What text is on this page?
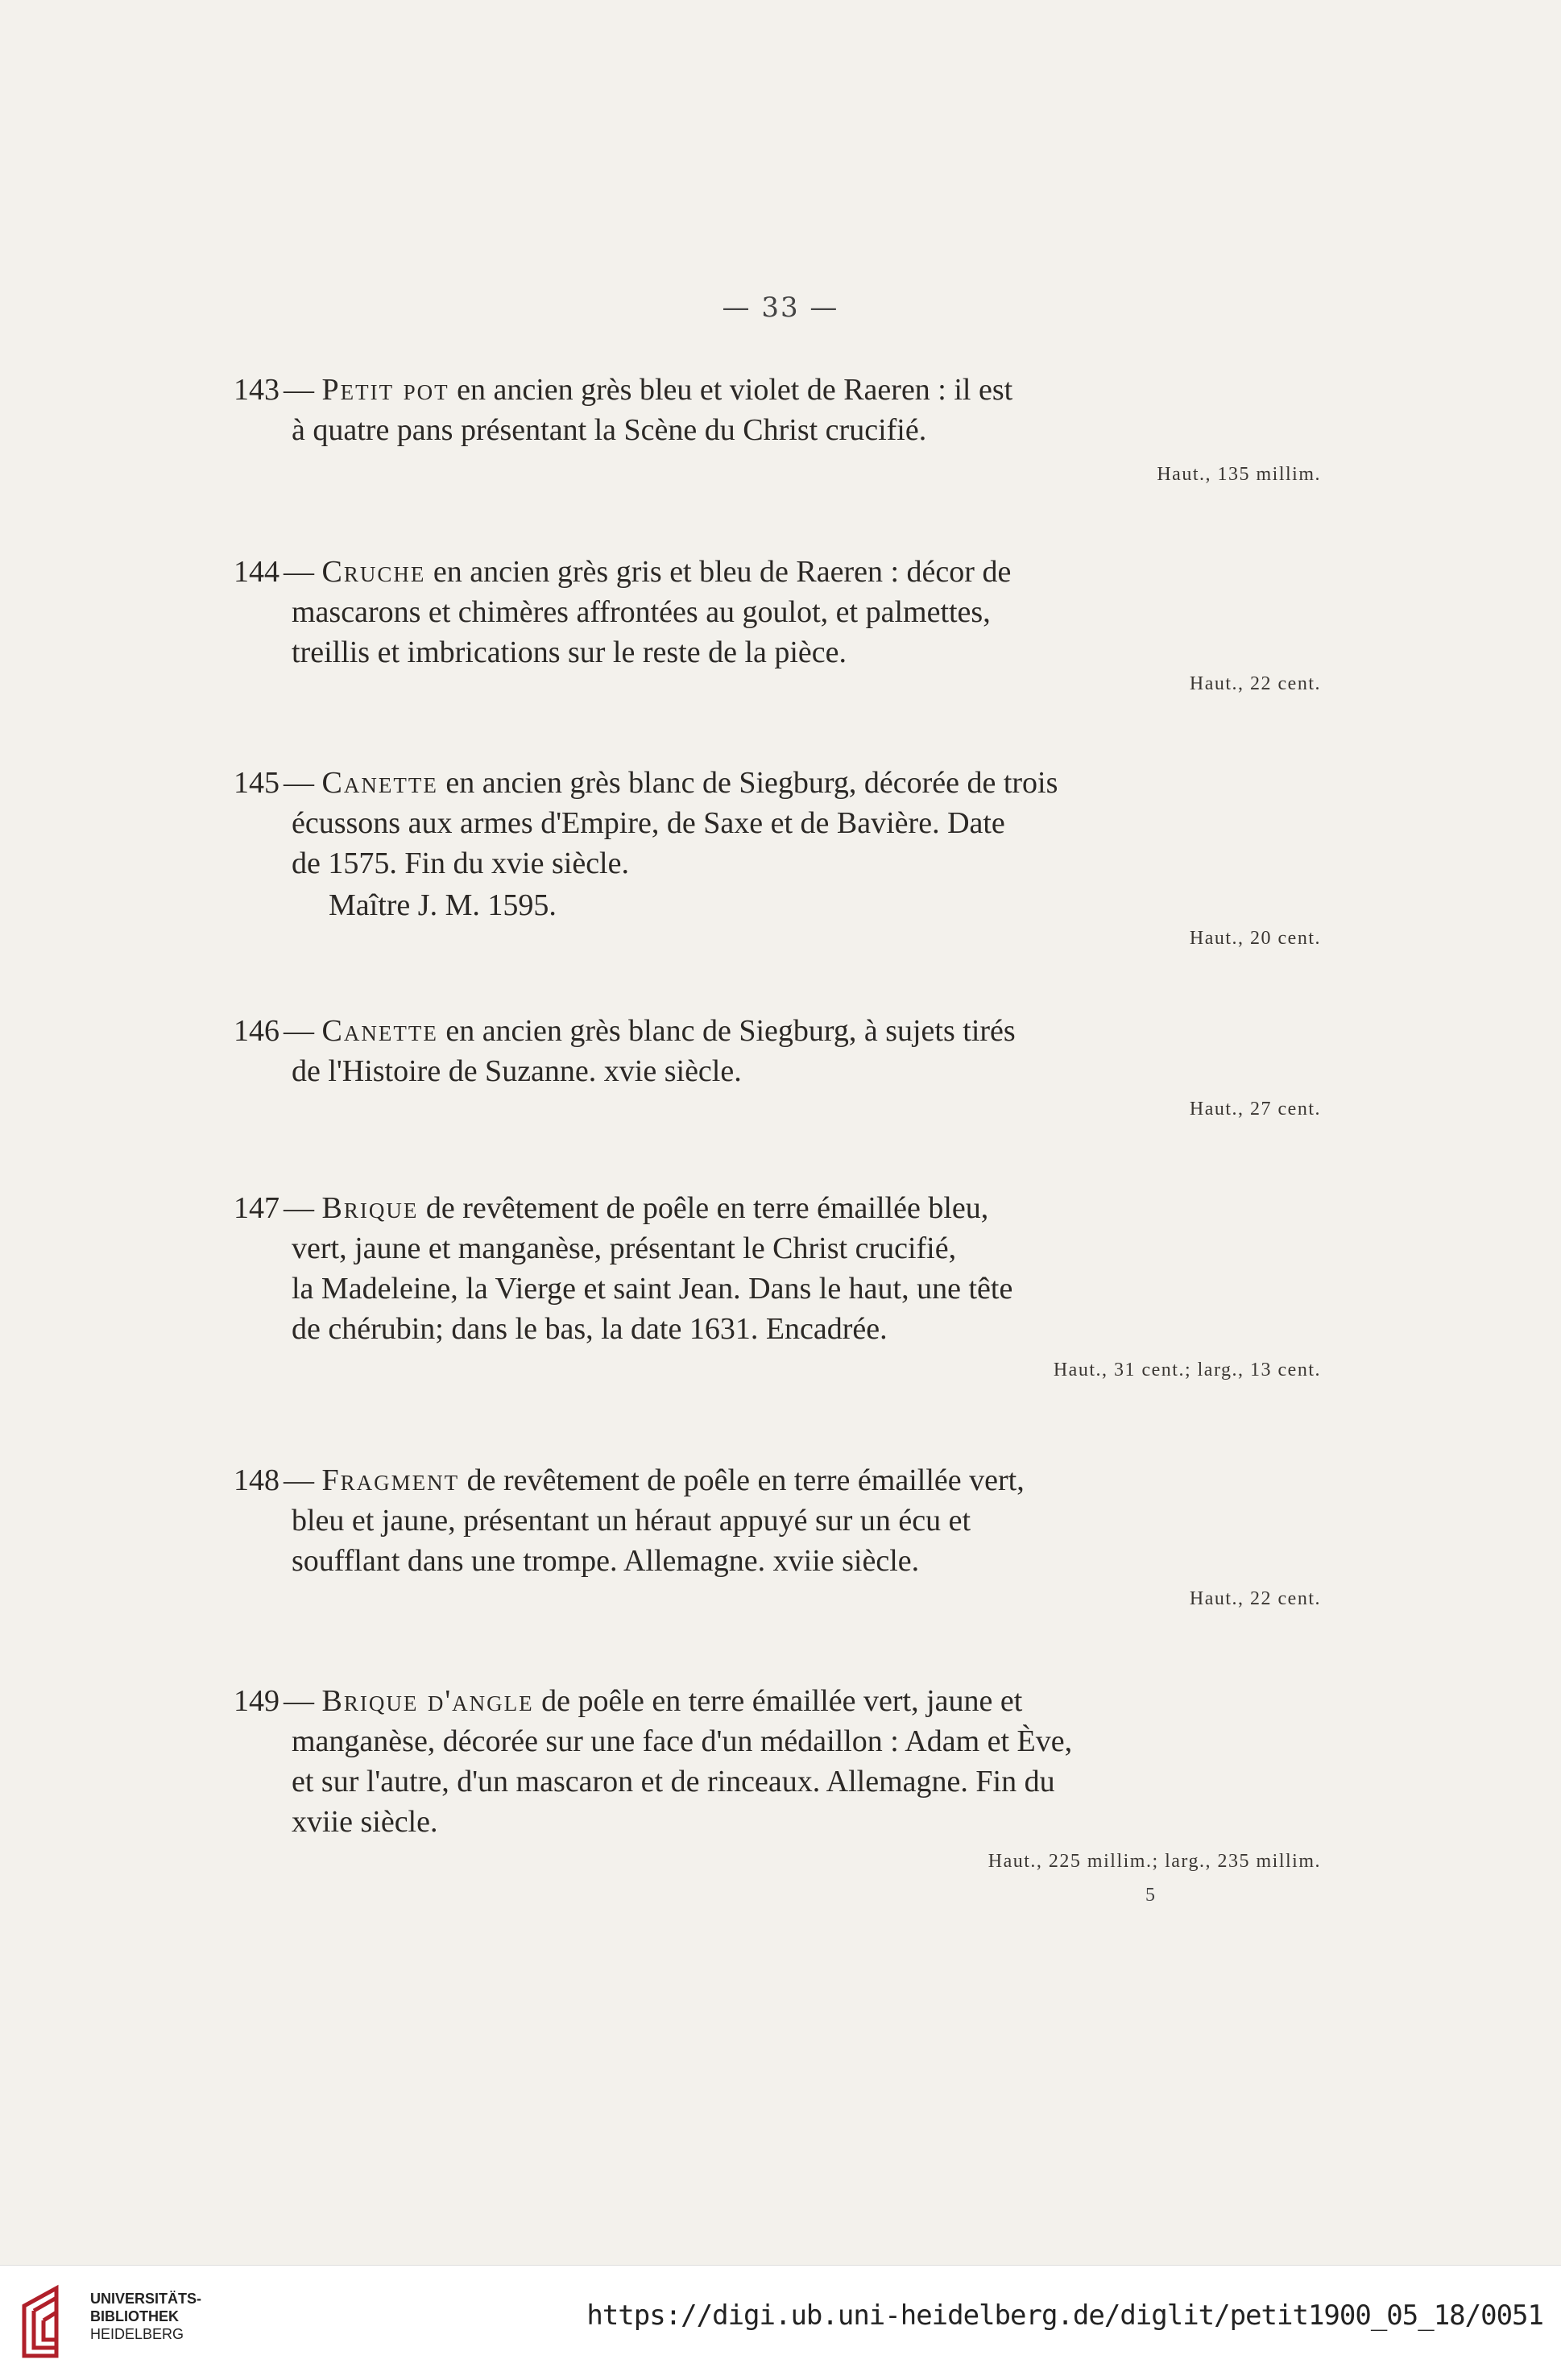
— 33 —
143 — Petit pot en ancien grès bleu et violet de Raeren : il est
à quatre pans présentant la Scène du Christ crucifié.
Haut., 135 millim.
144 — Cruche en ancien grès gris et bleu de Raeren : décor de
mascarons et chimères affrontées au goulot, et palmettes,
treillis et imbrications sur le reste de la pièce.
Haut., 22 cent.
145 — Canette en ancien grès blanc de Siegburg, décorée de trois
écussons aux armes d'Empire, de Saxe et de Bavière. Date
de 1575. Fin du xvie siècle.
Maître J. M. 1595.
Haut., 20 cent.
146 — Canette en ancien grès blanc de Siegburg, à sujets tirés
de l'Histoire de Suzanne. xvie siècle.
Haut., 27 cent.
147 — Brique de revêtement de poêle en terre émaillée bleu,
vert, jaune et manganèse, présentant le Christ crucifié,
la Madeleine, la Vierge et saint Jean. Dans le haut, une tête
de chérubin; dans le bas, la date 1631. Encadrée.
Haut., 31 cent.; larg., 13 cent.
148 — Fragment de revêtement de poêle en terre émaillée vert,
bleu et jaune, présentant un héraut appuyé sur un écu et
soufflant dans une trompe. Allemagne. xviie siècle.
Haut., 22 cent.
149 — Brique d'angle de poêle en terre émaillée vert, jaune et
manganèse, décorée sur une face d'un médaillon : Adam et Ève,
et sur l'autre, d'un mascaron et de rinceaux. Allemagne. Fin du
xviie siècle.
Haut., 225 millim.; larg., 235 millim.
5
UNIVERSITÄTS-
BIBLIOTHEK
HEIDELBERG
https://digi.ub.uni-heidelberg.de/diglit/petit1900_05_18/0051
